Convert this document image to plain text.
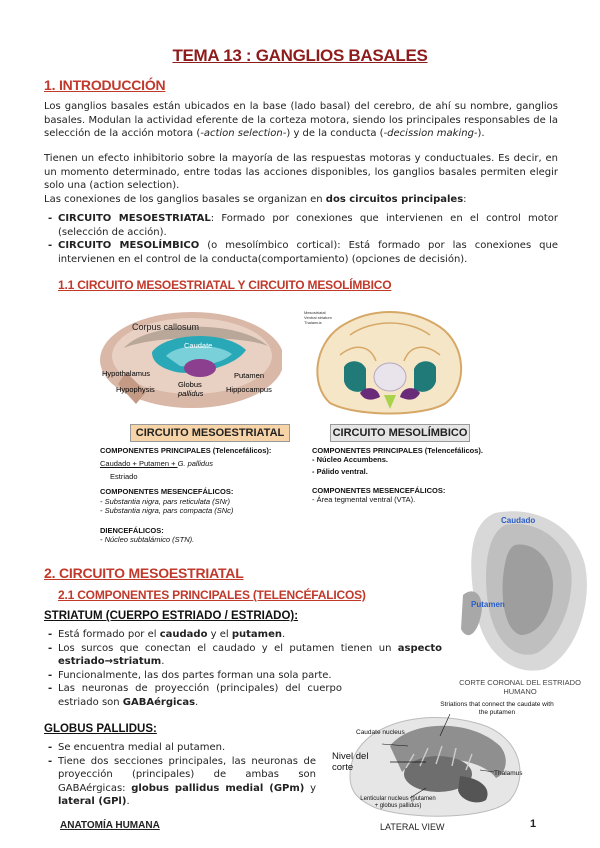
TEMA 13 : GANGLIOS BASALES
1. INTRODUCCIÓN
Los ganglios basales están ubicados en la base (lado basal) del cerebro, de ahí su nombre, ganglios basales. Modulan la actividad eferente de la corteza motora, siendo los principales responsables de la selección de la acción motora (-action selection-) y de la conducta (-decission making-).
Tienen un efecto inhibitorio sobre la mayoría de las respuestas motoras y conductuales. Es decir, en un momento determinado, entre todas las acciones disponibles, los ganglios basales permiten elegir solo una (action selection).
Las conexiones de los ganglios basales se organizan en dos circuitos principales:
- CIRCUITO MESOESTRIATAL: Formado por conexiones que intervienen en el control motor (selección de acción).
- CIRCUITO MESOLÍMBICO (o mesolímbico cortical): Está formado por las conexiones que intervienen en el control de la conducta(comportamiento) (opciones de decisión).
1.1 CIRCUITO MESOESTRIATAL Y CIRCUITO MESOLÍMBICO
Corpus callosum
Caudate
Hypothalamus
Hypophysis
Globus
pallidus
Putamen
Hippocampus
Mesostriatal
Ventral striatum
Thalamus
CIRCUITO MESOESTRIATAL
COMPONENTES PRINCIPALES (Telencefálicos):
Caudado + Putamen + G. pallidus
Estriado
COMPONENTES MESENCEFÁLICOS:
- Substantia nigra, pars reticulata (SNr)
- Substantia nigra, pars compacta (SNc)
DIENCEFÁLICOS:
- Núcleo subtalámico (STN).
CIRCUITO MESOLÍMBICO
COMPONENTES PRINCIPALES (Telencefálicos).
- Núcleo Accumbens.
- Pálido ventral.
COMPONENTES MESENCEFÁLICOS:
- Área tegmental ventral (VTA).
2. CIRCUITO MESOESTRIATAL
2.1 COMPONENTES PRINCIPALES (TELENCÉFALICOS)
STRIATUM (CUERPO ESTRIADO / ESTRIADO):
- Está formado por el caudado y el putamen.
- Los surcos que conectan el caudado y el putamen tienen un aspecto estriado→striatum.
- Funcionalmente, las dos partes forman una sola parte.
- Las neuronas de proyección (principales) del cuerpo estriado son GABAérgicas.
GLOBUS PALLIDUS:
- Se encuentra medial al putamen.
- Tiene dos secciones principales, las neuronas de proyección (principales) de ambas son GABAérgicas: globus pallidus medial (GPm) y lateral (GPl).
Caudado
Putamen
CORTE CORONAL DEL ESTRIADO HUMANO
Striations that connect the caudate with the putamen
Caudate nucleus
Nivel del corte
Thalamus
Lenticular nucleus (putamen + globus pallidus)
LATERAL VIEW
ANATOMÍA HUMANA	1
